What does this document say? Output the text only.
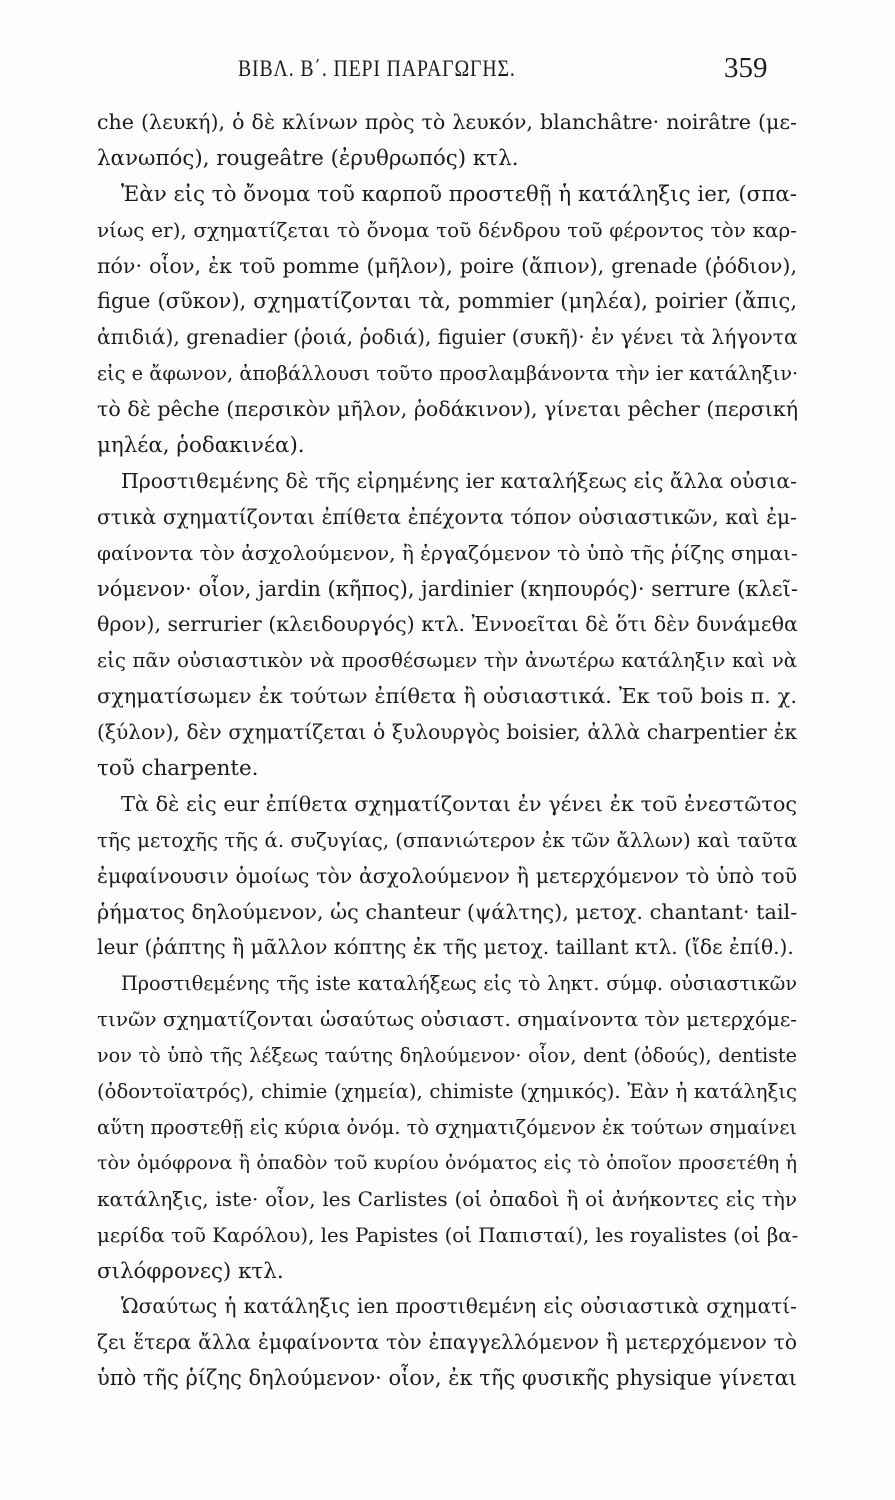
ΒΙΒΛ. Β΄. ΠΕΡΙ ΠΑΡΑΓΩΓΗΣ.	359
che (λευκή), ὁ δὲ κλίνων πρὸς τὸ λευκόν, blanchâtre· noirâtre (με-
λανωπός), rougeâtre (ἐρυθρωπός) κτλ.
Ἐὰν εἰς τὸ ὄνομα τοῦ καρποῦ προστεθῇ ἡ κατάληξις ier, (σπα-
νίως er), σχηματίζεται τὸ ὄνομα τοῦ δένδρου τοῦ φέροντος τὸν καρ-
πόν· οἷον, ἐκ τοῦ pomme (μῆλον), poire (ἄπιον), grenade (ῥόδιον),
figue (σῦκον), σχηματίζονται τὰ, pommier (μηλέα), poirier (ἄπις,
ἀπιδιά), grenadier (ῥοιά, ῥοδιά), figuier (συκῆ)· ἐν γένει τὰ λήγοντα
εἰς e ἄφωνον, ἀποβάλλουσι τοῦτο προσλαμβάνοντα τὴν ier κατάληξιν·
τὸ δὲ pêche (περσικὸν μῆλον, ῥοδάκινον), γίνεται pêcher (περσική
μηλέα, ῥοδακινέα).
Προστιθεμένης δὲ τῆς εἰρημένης ier καταλήξεως εἰς ἄλλα οὐσια-
στικὰ σχηματίζονται ἐπίθετα ἐπέχοντα τόπον οὐσιαστικῶν, καὶ ἐμ-
φαίνοντα τὸν ἀσχολούμενον, ἢ ἐργαζόμενον τὸ ὑπὸ τῆς ῥίζης σημαι-
νόμενον· οἷον, jardin (κῆπος), jardinier (κηπουρός)· serrure (κλεῖ-
θρον), serrurier (κλειδουργός) κτλ. Ἐννοεῖται δὲ ὅτι δὲν δυνάμεθα
εἰς πᾶν οὐσιαστικὸν νὰ προσθέσωμεν τὴν ἀνωτέρω κατάληξιν καὶ νὰ
σχηματίσωμεν ἐκ τούτων ἐπίθετα ἢ οὐσιαστικά. Ἐκ τοῦ bois π. χ.
(ξύλον), δὲν σχηματίζεται ὁ ξυλουργὸς boisier, ἀλλὰ charpentier ἐκ
τοῦ charpente.
Τὰ δὲ εἰς eur ἐπίθετα σχηματίζονται ἐν γένει ἐκ τοῦ ἐνεστῶτος
τῆς μετοχῆς τῆς ά. συζυγίας, (σπανιώτερον ἐκ τῶν ἄλλων) καὶ ταῦτα
ἐμφαίνουσιν ὁμοίως τὸν ἀσχολούμενον ἢ μετερχόμενον τὸ ὑπὸ τοῦ
ῥήματος δηλούμενον, ὡς chanteur (ψάλτης), μετοχ. chantant· tail-
leur (ῥάπτης ἢ μᾶλλον κόπτης ἐκ τῆς μετοχ. taillant κτλ. (ἴδε ἐπίθ.).
Προστιθεμένης τῆς iste καταλήξεως εἰς τὸ ληκτ. σύμφ. οὐσιαστικῶν
τινῶν σχηματίζονται ὡσαύτως οὐσιαστ. σημαίνοντα τὸν μετερχόμε-
νον τὸ ὑπὸ τῆς λέξεως ταύτης δηλούμενον· οἷον, dent (ὀδούς), dentiste
(ὀδοντοϊατρός), chimie (χημεία), chimiste (χημικός). Ἐὰν ἡ κατάληξις
αὕτη προστεθῇ εἰς κύρια ὀνόμ. τὸ σχηματιζόμενον ἐκ τούτων σημαίνει
τὸν ὁμόφρονα ἢ ὀπαδὸν τοῦ κυρίου ὀνόματος εἰς τὸ ὁποῖον προσετέθη ἡ
κατάληξις, iste· οἷον, les Carlistes (οἱ ὀπαδοὶ ἢ οἱ ἀνήκοντες εἰς τὴν
μερίδα τοῦ Καρόλου), les Papistes (οἱ Παπισταί), les royalistes (οἱ βα-
σιλόφρονες) κτλ.
Ὡσαύτως ἡ κατάληξις ien προστιθεμένη εἰς οὐσιαστικὰ σχηματί-
ζει ἕτερα ἄλλα ἐμφαίνοντα τὸν ἐπαγγελλόμενον ἢ μετερχόμενον τὸ
ὑπὸ τῆς ῥίζης δηλούμενον· οἷον, ἐκ τῆς φυσικῆς physique γίνεται
